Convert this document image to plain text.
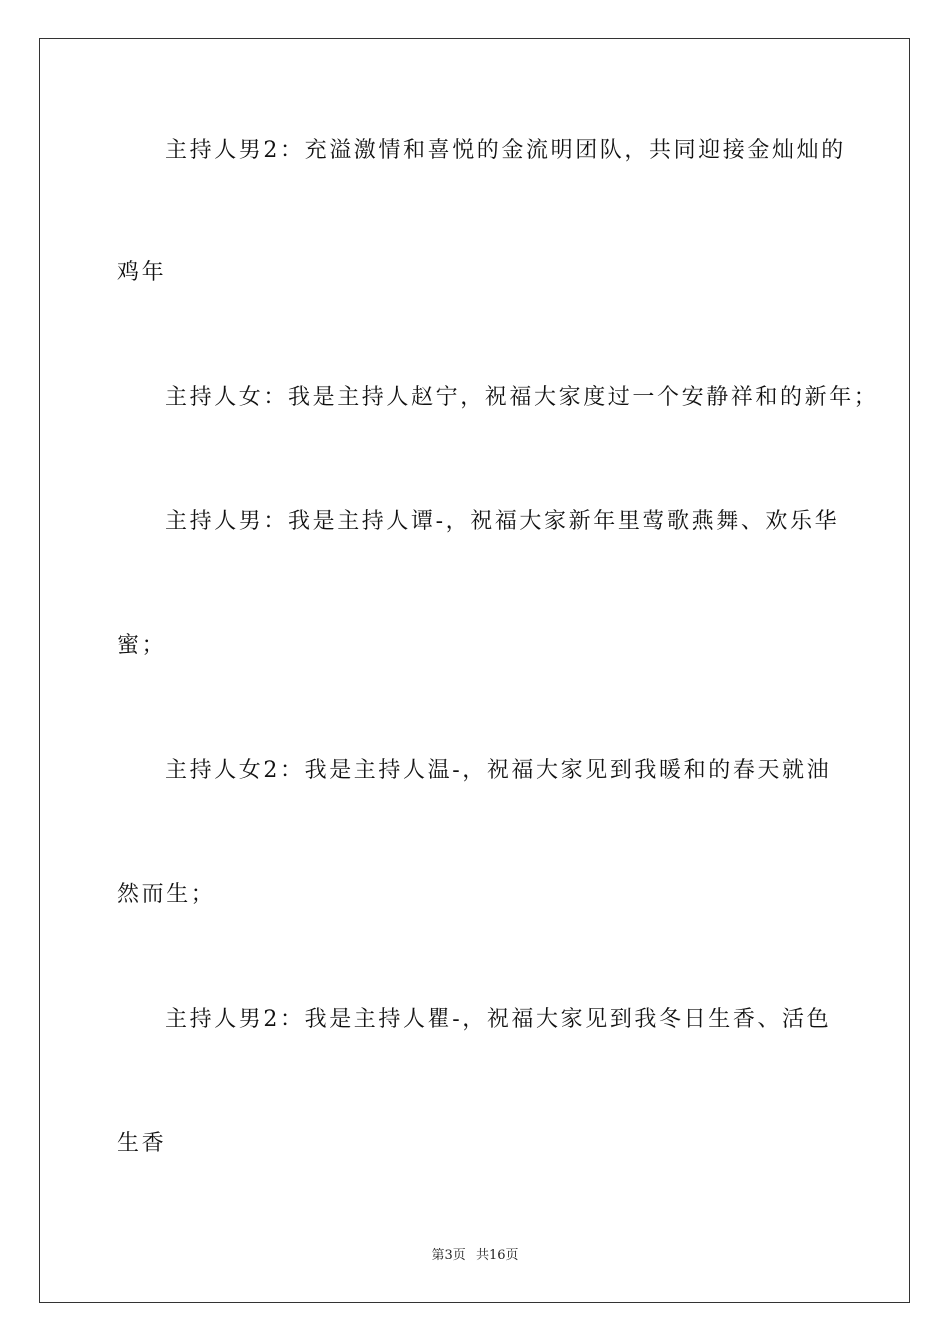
主持人男2：充溢激情和喜悦的金流明团队，共同迎接金灿灿的
鸡年
主持人女：我是主持人赵宁，祝福大家度过一个安静祥和的新年；
主持人男：我是主持人谭-，祝福大家新年里莺歌燕舞、欢乐华
蜜；
主持人女2：我是主持人温-，祝福大家见到我暖和的春天就油
然而生；
主持人男2：我是主持人瞿-，祝福大家见到我冬日生香、活色
生香
第3页 共16页
